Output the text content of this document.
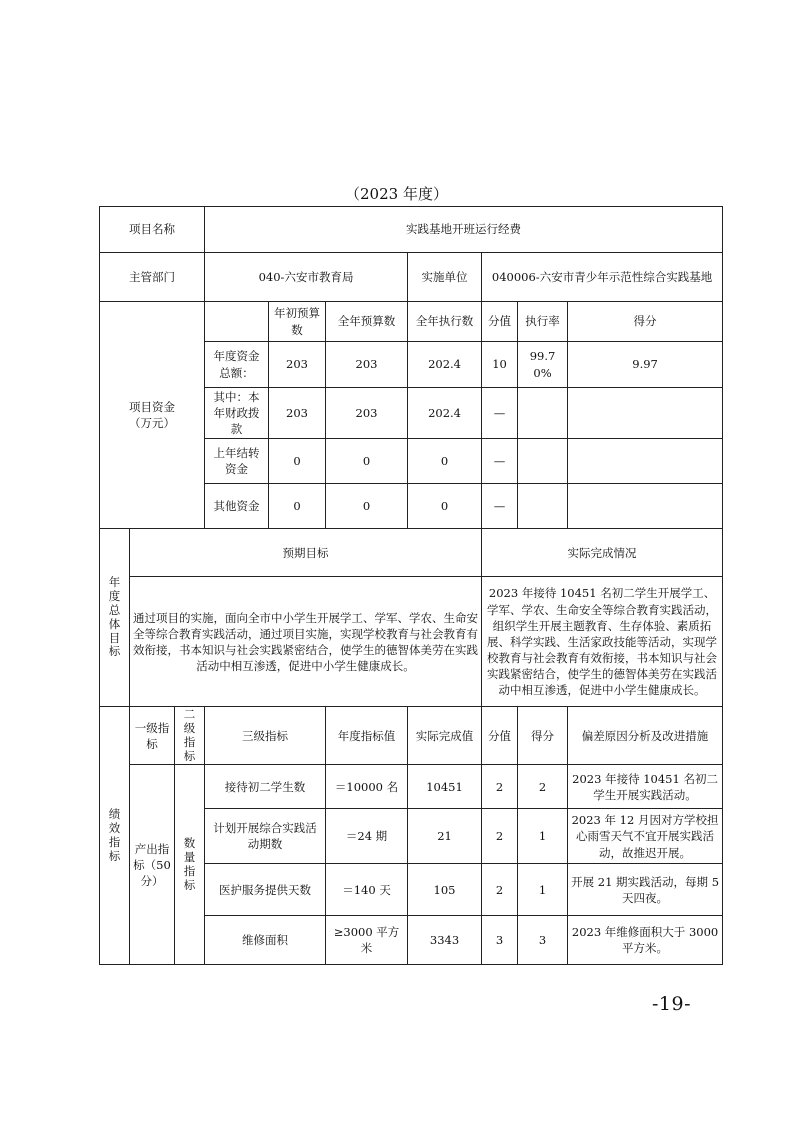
（2023 年度）
项目名称			实践基地开班运行经费						
主管部门			040-六安市教育局			实施单位	040006-六安市青少年示范性综合实践基地		
项目资金
（万元）				年初预算数	全年预算数	全年执行数	分值	执行率	得分
			年度资金总额：	203	203	202.4	10	99.70%	9.97
			其中：本年财政拨款	203	203	202.4	—		
			上年结转资金	0	0	0	—		
			其他资金	0	0	0	—		

年度总体目标	预期目标						实际完成情况		
	通过项目的实施，面向全市中小学生开展学工、学军、学农、生命安全等综合教育实践活动，通过项目实施，实现学校教育与社会教育有效衔接，书本知识与社会实践紧密结合，使学生的德智体美劳在实践活动中相互渗透，促进中小学生健康成长。						2023 年接待 10451 名初二学生开展学工、学军、学农、生命安全等综合教育实践活动，组织学生开展主题教育、生存体验、素质拓展、科学实践、生活家政技能等活动，实现学校教育与社会教育有效衔接，书本知识与社会实践紧密结合，使学生的德智体美劳在实践活动中相互渗透，促进中小学生健康成长。		

绩效指标	一级指标	二级指标	三级指标		年度指标值	实际完成值	分值	得分	偏差原因分析及改进措施
	产出指标（50 分）	数量指标	接待初二学生数		＝10000 名	10451	2	2	2023 年接待 10451 名初二学生开展实践活动。
			计划开展综合实践活动期数		＝24 期	21	2	1	2023 年 12 月因对方学校担心雨雪天气不宜开展实践活动，故推迟开展。
			医护服务提供天数		＝140 天	105	2	1	开展 21 期实践活动，每期 5 天四夜。
			维修面积		≥3000 平方米	3343	3	3	2023 年维修面积大于 3000 平方米。
-19-
